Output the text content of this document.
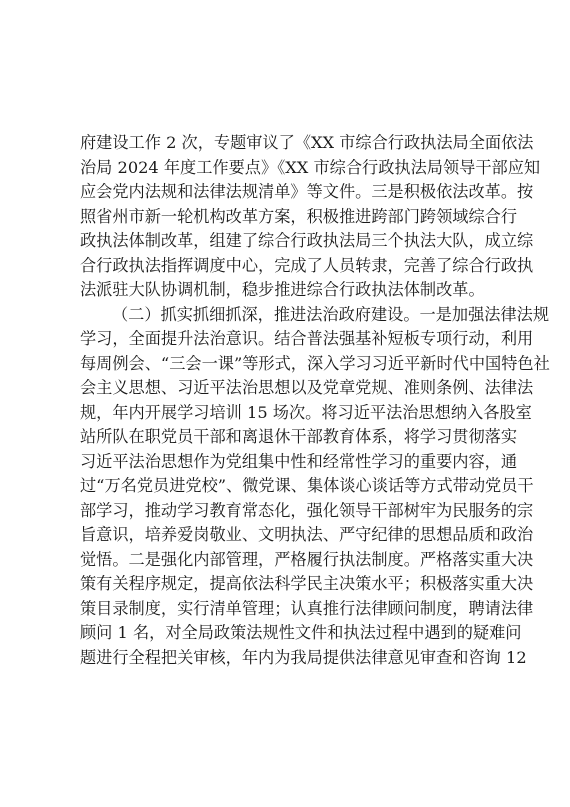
府建设工作 2 次，专题审议了《XX 市综合行政执法局全面依法
治局 2024 年度工作要点》《XX 市综合行政执法局领导干部应知
应会党内法规和法律法规清单》等文件。三是积极依法改革。按
照省州市新一轮机构改革方案，积极推进跨部门跨领域综合行
政执法体制改革，组建了综合行政执法局三个执法大队，成立综
合行政执法指挥调度中心，完成了人员转隶，完善了综合行政执
法派驻大队协调机制，稳步推进综合行政执法体制改革。
（二）抓实抓细抓深，推进法治政府建设。一是加强法律法规
学习，全面提升法治意识。结合普法强基补短板专项行动，利用
每周例会、“三会一课”等形式，深入学习习近平新时代中国特色社
会主义思想、习近平法治思想以及党章党规、准则条例、法律法
规，年内开展学习培训 15 场次。将习近平法治思想纳入各股室
站所队在职党员干部和离退休干部教育体系，将学习贯彻落实
习近平法治思想作为党组集中性和经常性学习的重要内容，通
过“万名党员进党校”、微党课、集体谈心谈话等方式带动党员干
部学习，推动学习教育常态化，强化领导干部树牢为民服务的宗
旨意识，培养爱岗敬业、文明执法、严守纪律的思想品质和政治
觉悟。二是强化内部管理，严格履行执法制度。严格落实重大决
策有关程序规定，提高依法科学民主决策水平；积极落实重大决
策目录制度，实行清单管理；认真推行法律顾问制度，聘请法律
顾问 1 名，对全局政策法规性文件和执法过程中遇到的疑难问
题进行全程把关审核，年内为我局提供法律意见审查和咨询 12
